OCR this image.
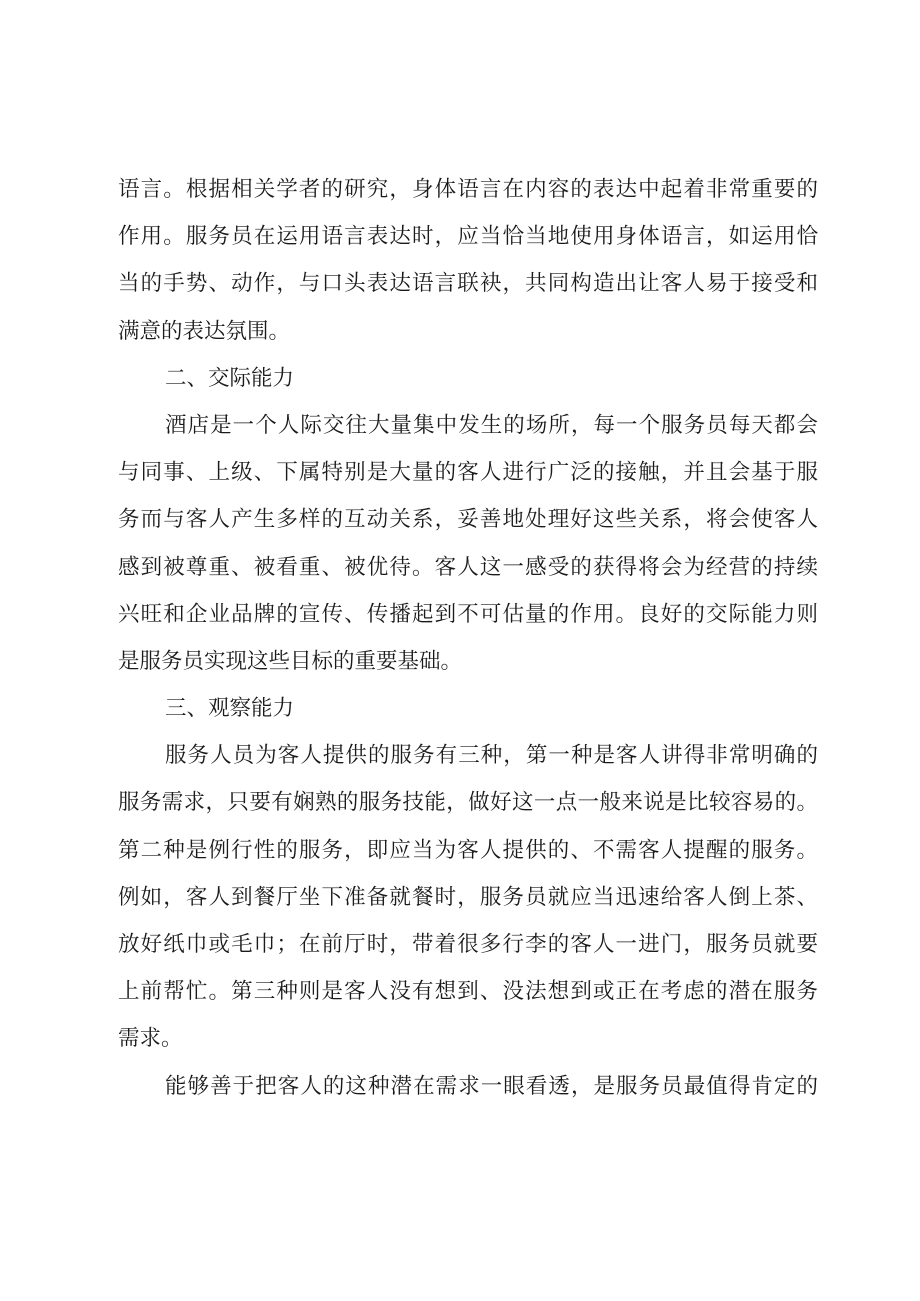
语言。根据相关学者的研究，身体语言在内容的表达中起着非常重要的
作用。服务员在运用语言表达时，应当恰当地使用身体语言，如运用恰
当的手势、动作，与口头表达语言联袂，共同构造出让客人易于接受和
满意的表达氛围。
二、交际能力
酒店是一个人际交往大量集中发生的场所，每一个服务员每天都会
与同事、上级、下属特别是大量的客人进行广泛的接触，并且会基于服
务而与客人产生多样的互动关系，妥善地处理好这些关系，将会使客人
感到被尊重、被看重、被优待。客人这一感受的获得将会为经营的持续
兴旺和企业品牌的宣传、传播起到不可估量的作用。良好的交际能力则
是服务员实现这些目标的重要基础。
三、观察能力
服务人员为客人提供的服务有三种，第一种是客人讲得非常明确的
服务需求，只要有娴熟的服务技能，做好这一点一般来说是比较容易的。
第二种是例行性的服务，即应当为客人提供的、不需客人提醒的服务。
例如，客人到餐厅坐下准备就餐时，服务员就应当迅速给客人倒上茶、
放好纸巾或毛巾；在前厅时，带着很多行李的客人一进门，服务员就要
上前帮忙。第三种则是客人没有想到、没法想到或正在考虑的潜在服务
需求。
能够善于把客人的这种潜在需求一眼看透，是服务员最值得肯定的
